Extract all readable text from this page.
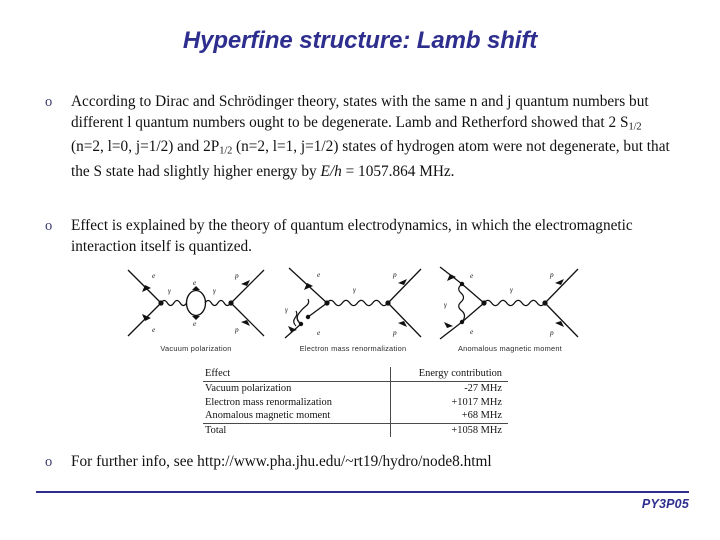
Hyperfine structure: Lamb shift
o	According to Dirac and Schrödinger theory, states with the same n and j quantum numbers but different l quantum numbers ought to be degenerate. Lamb and Retherford showed that 2 $S_{1/2}$ (n=2, l=0, j=1/2) and $2P_{1/2}$ (n=2, l=1, j=1/2) states of hydrogen atom were not degenerate, but that the S state had slightly higher energy by E/h = 1057.864 MHz.
o	Effect is explained by the theory of quantum electrodynamics, in which the electromagnetic interaction itself is quantized.
e
e
γ	γ
e
e
p
p
Vacuum polarization
e
e
γ
γ
p
p
Electron mass renormalization
e
e
γ
γ
p
p
Anomalous magnetic moment
Effect	Energy contribution
Vacuum polarization	-27 MHz
Electron mass renormalization	+1017 MHz
Anomalous magnetic moment	+68 MHz
Total	+1058 MHz
o	For further info, see http://www.pha.jhu.edu/~rt19/hydro/node8.html
PY3P05
